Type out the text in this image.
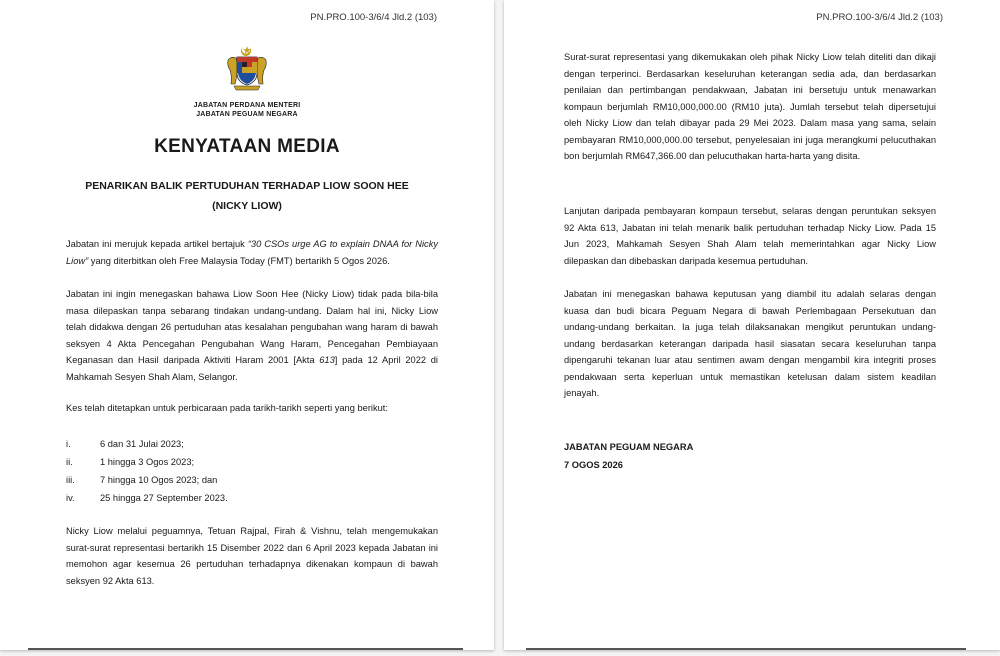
PN.PRO.100-3/6/4 Jld.2 (103)
JABATAN PERDANA MENTERI
JABATAN PEGUAM NEGARA
KENYATAAN MEDIA
PENARIKAN BALIK PERTUDUHAN TERHADAP LIOW SOON HEE
(NICKY LIOW)
Jabatan ini merujuk kepada artikel bertajuk “30 CSOs urge AG to explain DNAA for Nicky Liow” yang diterbitkan oleh Free Malaysia Today (FMT) bertarikh 5 Ogos 2026.
Jabatan ini ingin menegaskan bahawa Liow Soon Hee (Nicky Liow) tidak pada bila-bila masa dilepaskan tanpa sebarang tindakan undang-undang. Dalam hal ini, Nicky Liow telah didakwa dengan 26 pertuduhan atas kesalahan pengubahan wang haram di bawah seksyen 4 Akta Pencegahan Pengubahan Wang Haram, Pencegahan Pembiayaan Keganasan dan Hasil daripada Aktiviti Haram 2001 [Akta 613] pada 12 April 2022 di Mahkamah Sesyen Shah Alam, Selangor.
Kes telah ditetapkan untuk perbicaraan pada tarikh-tarikh seperti yang berikut:
i.	6 dan 31 Julai 2023;
ii.	1 hingga 3 Ogos 2023;
iii.	7 hingga 10 Ogos 2023; dan
iv.	25 hingga 27 September 2023.
Nicky Liow melalui peguamnya, Tetuan Rajpal, Firah & Vishnu, telah mengemukakan surat-surat representasi bertarikh 15 Disember 2022 dan 6 April 2023 kepada Jabatan ini memohon agar kesemua 26 pertuduhan terhadapnya dikenakan kompaun di bawah seksyen 92 Akta 613.
PN.PRO.100-3/6/4 Jld.2 (103)
Surat-surat representasi yang dikemukakan oleh pihak Nicky Liow telah diteliti dan dikaji dengan terperinci. Berdasarkan keseluruhan keterangan sedia ada, dan berdasarkan penilaian dan pertimbangan pendakwaan, Jabatan ini bersetuju untuk menawarkan kompaun berjumlah RM10,000,000.00 (RM10 juta). Jumlah tersebut telah dipersetujui oleh Nicky Liow dan telah dibayar pada 29 Mei 2023. Dalam masa yang sama, selain pembayaran RM10,000,000.00 tersebut, penyelesaian ini juga merangkumi pelucuthakan bon berjumlah RM647,366.00 dan pelucuthakan harta-harta yang disita.
Lanjutan daripada pembayaran kompaun tersebut, selaras dengan peruntukan seksyen 92 Akta 613, Jabatan ini telah menarik balik pertuduhan terhadap Nicky Liow. Pada 15 Jun 2023, Mahkamah Sesyen Shah Alam telah memerintahkan agar Nicky Liow dilepaskan dan dibebaskan daripada kesemua pertuduhan.
Jabatan ini menegaskan bahawa keputusan yang diambil itu adalah selaras dengan kuasa dan budi bicara Peguam Negara di bawah Perlembagaan Persekutuan dan undang-undang berkaitan. Ia juga telah dilaksanakan mengikut peruntukan undang-undang berdasarkan keterangan daripada hasil siasatan secara keseluruhan tanpa dipengaruhi tekanan luar atau sentimen awam dengan mengambil kira integriti proses pendakwaan serta keperluan untuk memastikan ketelusan dalam sistem keadilan jenayah.
JABATAN PEGUAM NEGARA
7 OGOS 2026
